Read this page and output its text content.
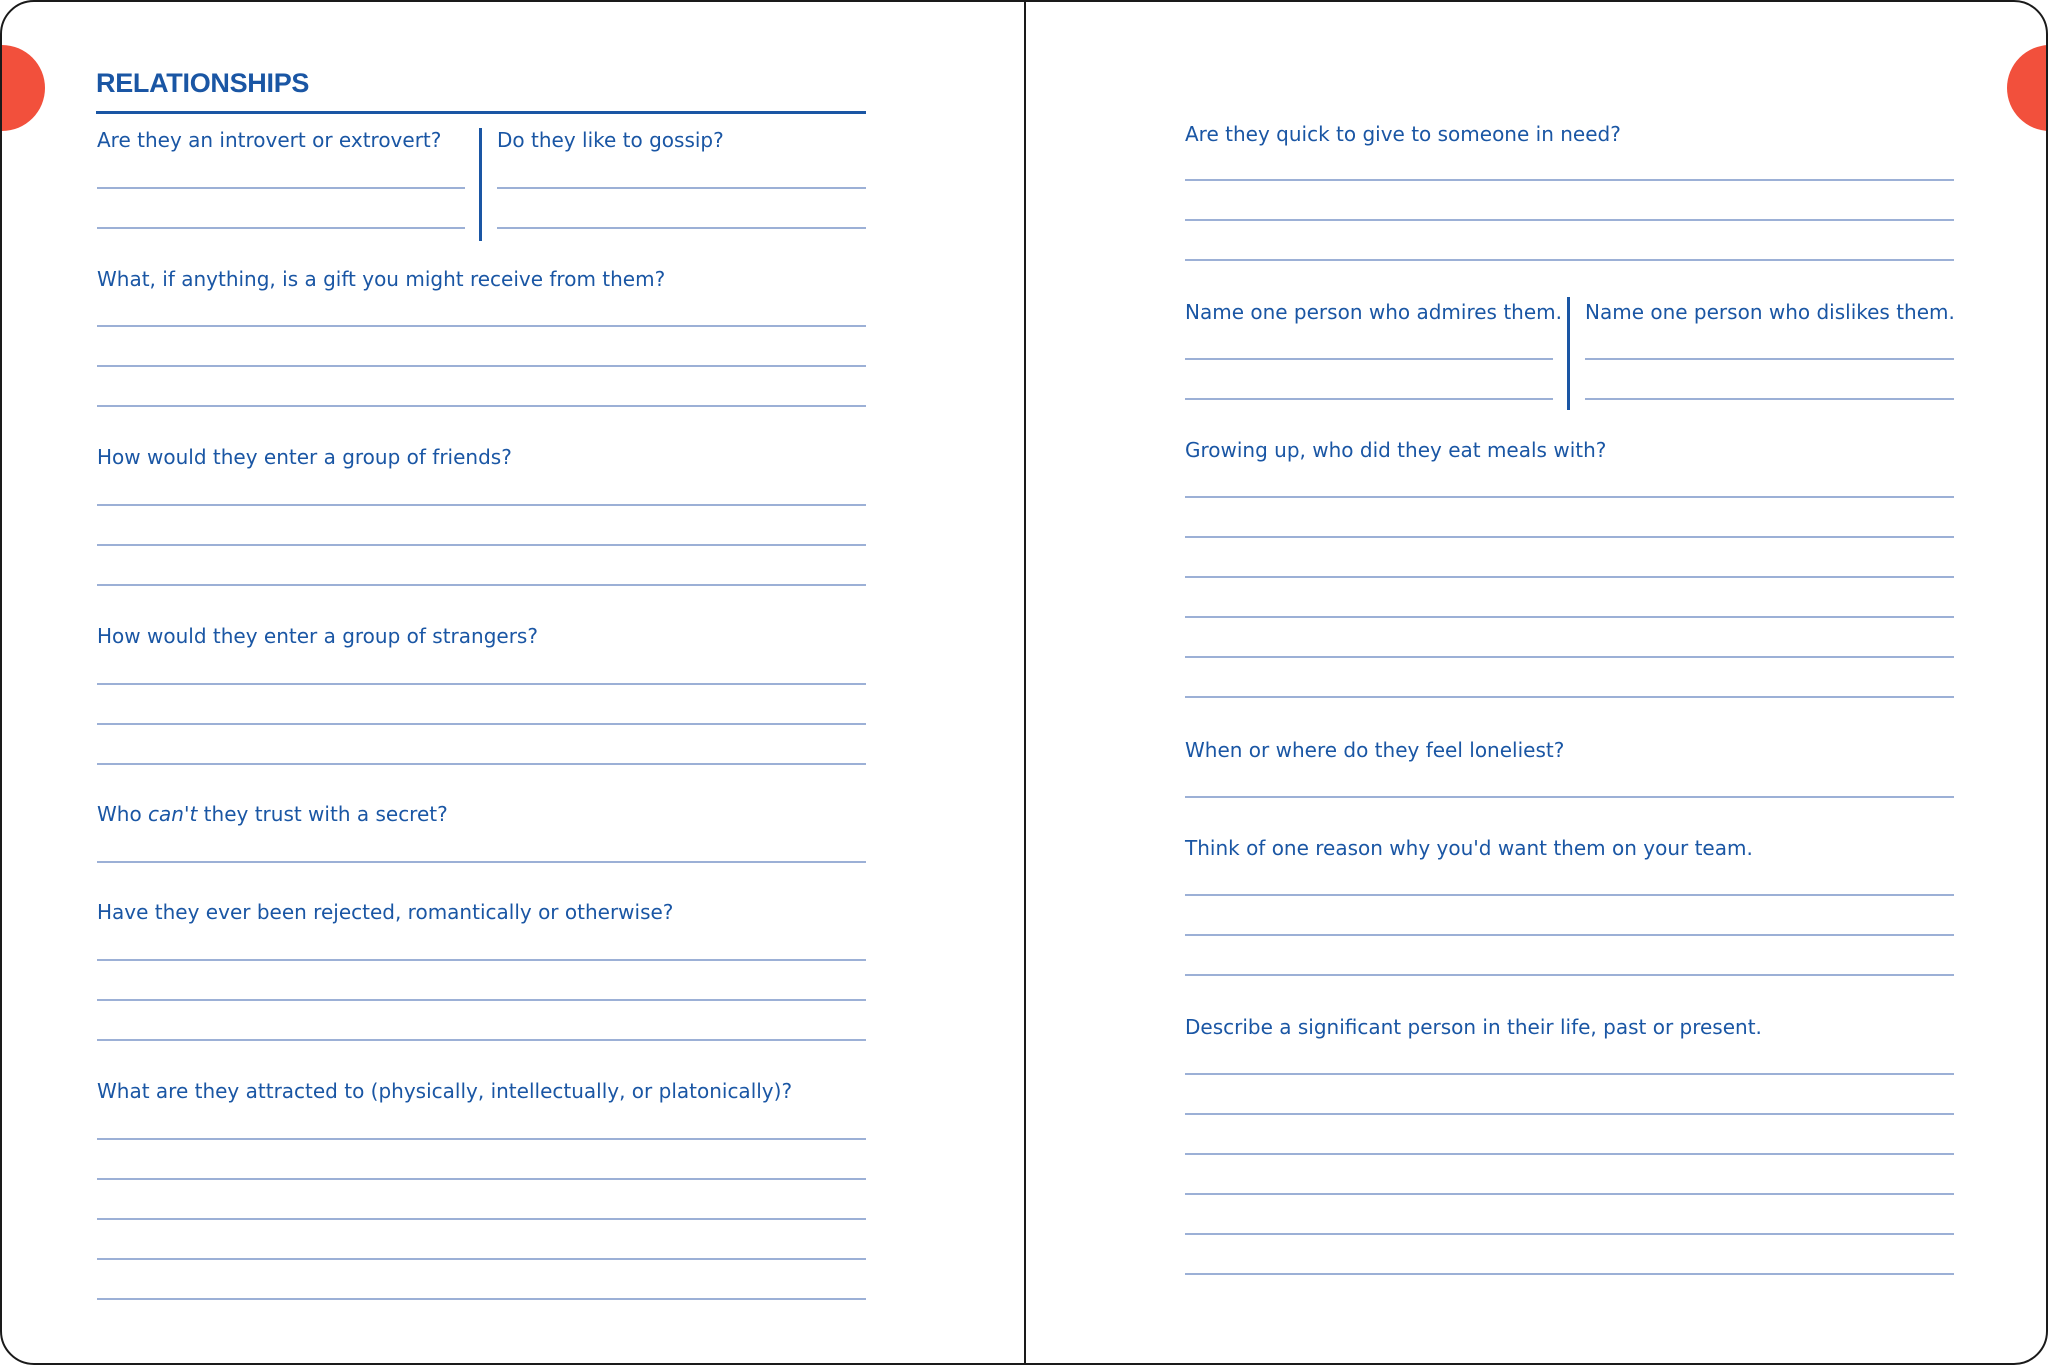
RELATIONSHIPS
Are they an introvert or extrovert?	Do they like to gossip?
What, if anything, is a gift you might receive from them?
How would they enter a group of friends?
How would they enter a group of strangers?
Who can't they trust with a secret?
Have they ever been rejected, romantically or otherwise?
What are they attracted to (physically, intellectually, or platonically)?
Are they quick to give to someone in need?
Name one person who admires them. Name one person who dislikes them.
Growing up, who did they eat meals with?
When or where do they feel loneliest?
Think of one reason why you'd want them on your team.
Describe a significant person in their life, past or present.
